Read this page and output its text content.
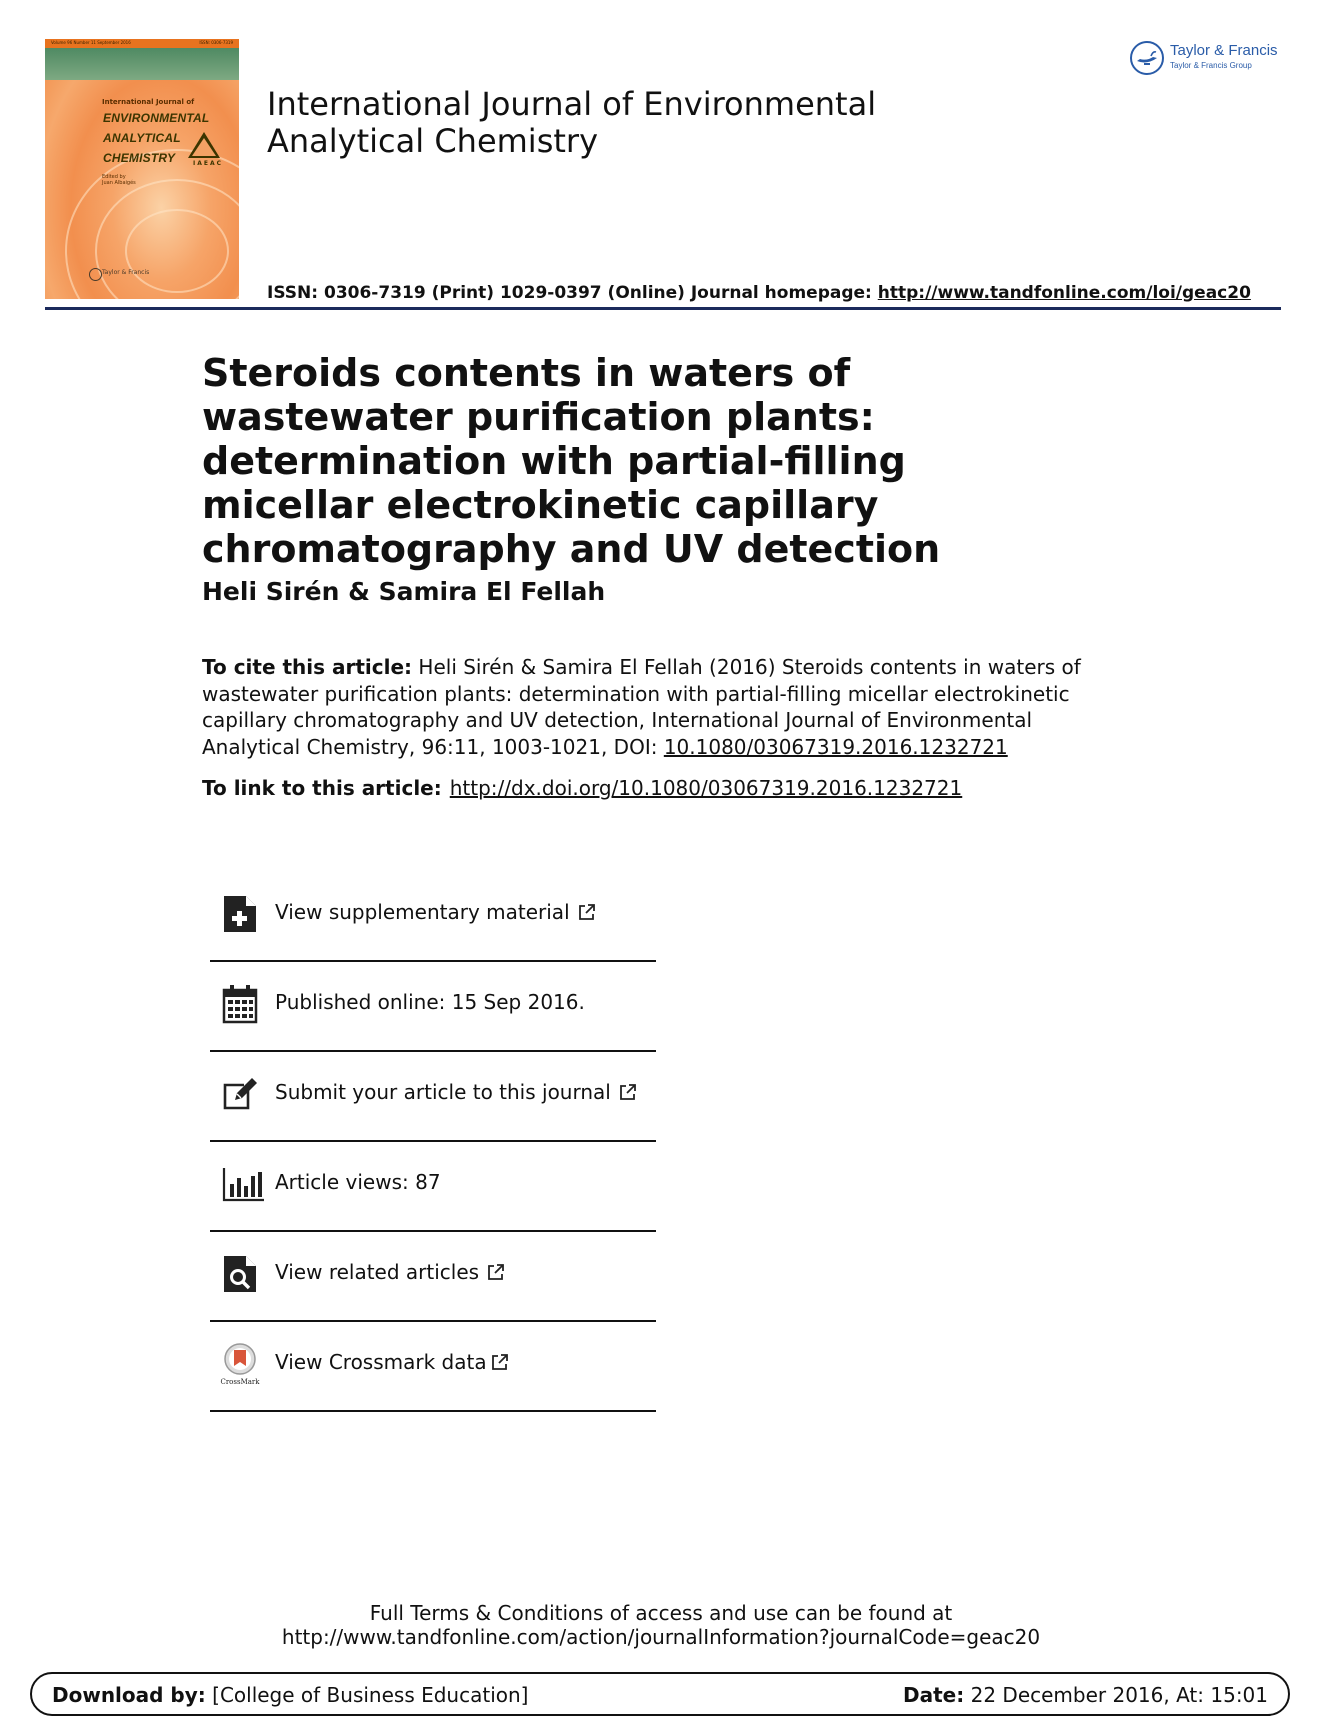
Volume 96 Number 11 September 2016	ISSN: 0306-7319
International Journal of
ENVIRONMENTAL
ANALYTICAL
CHEMISTRY	IAEAC
Edited by
Juan Albaigés
Taylor & Francis
International Journal of Environmental Analytical Chemistry
ISSN: 0306-7319 (Print) 1029-0397 (Online) Journal homepage: http://www.tandfonline.com/loi/geac20
Taylor & Francis
Taylor & Francis Group
Steroids contents in waters of wastewater purification plants: determination with partial-filling micellar electrokinetic capillary chromatography and UV detection
Heli Sirén & Samira El Fellah
To cite this article: Heli Sirén & Samira El Fellah (2016) Steroids contents in waters of wastewater purification plants: determination with partial-filling micellar electrokinetic capillary chromatography and UV detection, International Journal of Environmental Analytical Chemistry, 96:11, 1003-1021, DOI: 10.1080/03067319.2016.1232721
To link to this article: http://dx.doi.org/10.1080/03067319.2016.1232721
View supplementary material
Published online: 15 Sep 2016.
Submit your article to this journal
Article views: 87
View related articles
CrossMark
View Crossmark data
Full Terms & Conditions of access and use can be found at
http://www.tandfonline.com/action/journalInformation?journalCode=geac20
Download by: [College of Business Education]	Date: 22 December 2016, At: 15:01
